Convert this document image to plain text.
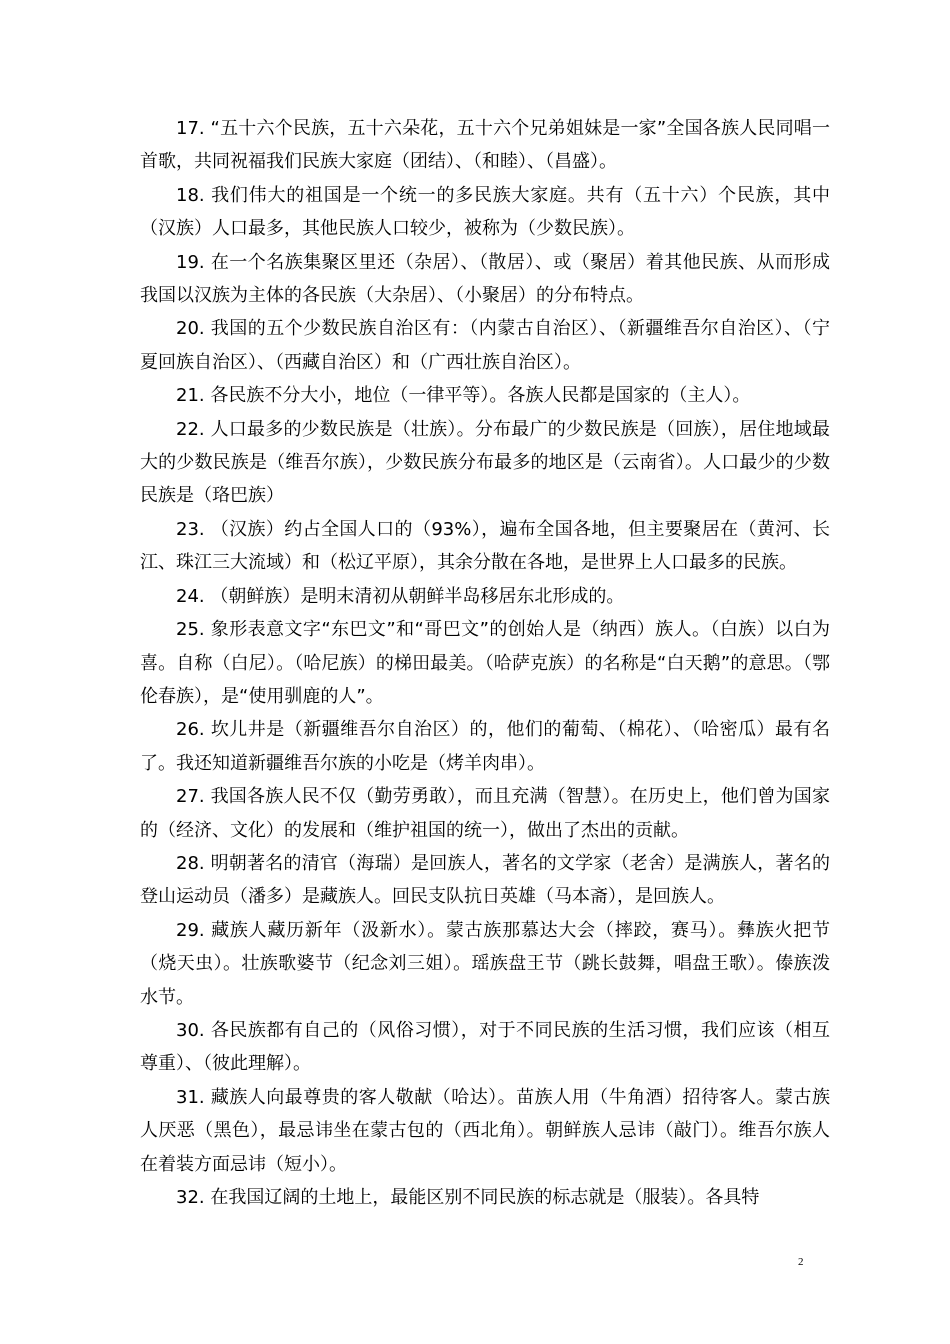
17. “五十六个民族，五十六朵花，五十六个兄弟姐妹是一家”全国各族人民同唱一首歌，共同祝福我们民族大家庭（团结）、（和睦）、（昌盛）。

18. 我们伟大的祖国是一个统一的多民族大家庭。共有（五十六）个民族，其中（汉族）人口最多，其他民族人口较少，被称为（少数民族）。

19. 在一个名族集聚区里还（杂居）、（散居）、或（聚居）着其他民族、从而形成我国以汉族为主体的各民族（大杂居）、（小聚居）的分布特点。

20. 我国的五个少数民族自治区有：（内蒙古自治区）、（新疆维吾尔自治区）、（宁夏回族自治区）、（西藏自治区）和（广西壮族自治区）。

21. 各民族不分大小，地位（一律平等）。各族人民都是国家的（主人）。

22. 人口最多的少数民族是（壮族）。分布最广的少数民族是（回族），居住地域最大的少数民族是（维吾尔族），少数民族分布最多的地区是（云南省）。人口最少的少数民族是（珞巴族）

23. （汉族）约占全国人口的（93%），遍布全国各地，但主要聚居在（黄河、长江、珠江三大流域）和（松辽平原），其余分散在各地，是世界上人口最多的民族。

24. （朝鲜族）是明末清初从朝鲜半岛移居东北形成的。

25. 象形表意文字“东巴文”和“哥巴文”的创始人是（纳西）族人。（白族）以白为喜。自称（白尼）。（哈尼族）的梯田最美。（哈萨克族）的名称是“白天鹅”的意思。（鄂伦春族），是“使用驯鹿的人”。

26. 坎儿井是（新疆维吾尔自治区）的，他们的葡萄、（棉花）、（哈密瓜）最有名了。我还知道新疆维吾尔族的小吃是（烤羊肉串）。

27. 我国各族人民不仅（勤劳勇敢），而且充满（智慧）。在历史上，他们曾为国家的（经济、文化）的发展和（维护祖国的统一），做出了杰出的贡献。

28. 明朝著名的清官（海瑞）是回族人，著名的文学家（老舍）是满族人，著名的登山运动员（潘多）是藏族人。回民支队抗日英雄（马本斋），是回族人。

29. 藏族人藏历新年（汲新水）。蒙古族那慕达大会（摔跤，赛马）。彝族火把节（烧天虫）。壮族歌婆节（纪念刘三姐）。瑶族盘王节（跳长鼓舞，唱盘王歌）。傣族泼水节。

30. 各民族都有自己的（风俗习惯），对于不同民族的生活习惯，我们应该（相互尊重）、（彼此理解）。

31. 藏族人向最尊贵的客人敬献（哈达）。苗族人用（牛角酒）招待客人。蒙古族人厌恶（黑色），最忌讳坐在蒙古包的（西北角）。朝鲜族人忌讳（敲门）。维吾尔族人在着装方面忌讳（短小）。

32. 在我国辽阔的土地上，最能区别不同民族的标志就是（服装）。各具特

2
